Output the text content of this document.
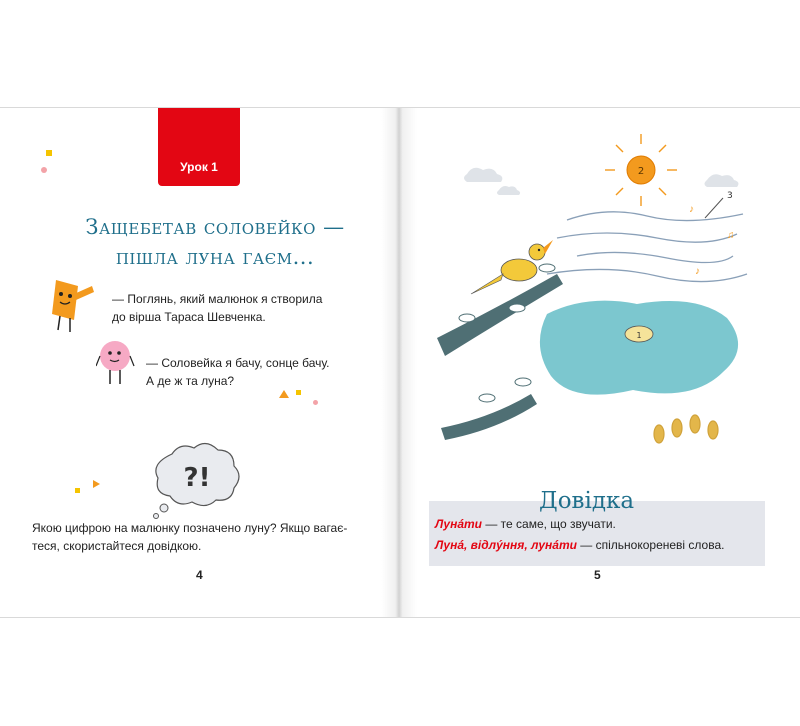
Урок 1
Защебетав соловейко —
пішла луна гаєм...
— Поглянь, який малюнок я створила
до вірша Тараса Шевченка.
— Соловейка я бачу, сонце бачу.
А де ж та луна?
?!
Якою цифрою на малюнку позначено луну? Якщо вагає-
теся, скористайтеся довідкою.
4
2
3
♪
♫
♪
1
Довідка
Лунáти — те саме, що звучати.
Лунá, відлýння, лунáти — спільнокореневі слова.
5
